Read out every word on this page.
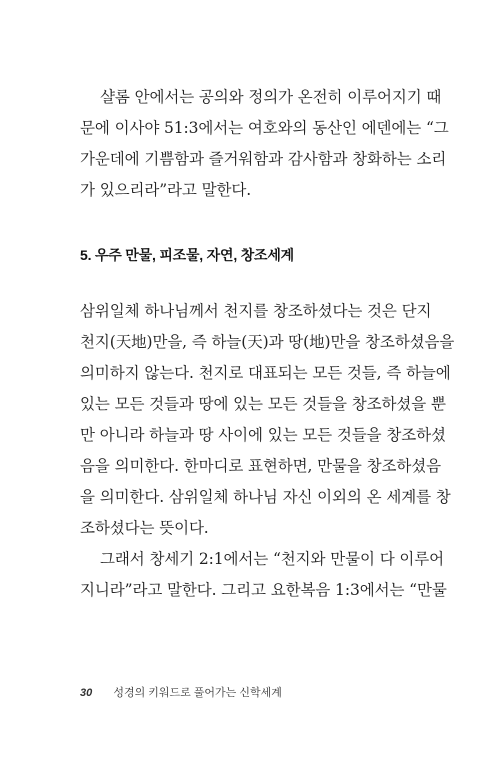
샬롬 안에서는 공의와 정의가 온전히 이루어지기 때
문에 이사야 51:3에서는 여호와의 동산인 에덴에는 “그
가운데에 기쁨함과 즐거워함과 감사함과 창화하는 소리
가 있으리라”라고 말한다.
5. 우주 만물, 피조물, 자연, 창조세계
삼위일체 하나님께서 천지를 창조하셨다는 것은 단지
천지(天地)만을, 즉 하늘(天)과 땅(地)만을 창조하셨음을
의미하지 않는다. 천지로 대표되는 모든 것들, 즉 하늘에
있는 모든 것들과 땅에 있는 모든 것들을 창조하셨을 뿐
만 아니라 하늘과 땅 사이에 있는 모든 것들을 창조하셨
음을 의미한다. 한마디로 표현하면, 만물을 창조하셨음
을 의미한다. 삼위일체 하나님 자신 이외의 온 세계를 창
조하셨다는 뜻이다.
그래서 창세기 2:1에서는 “천지와 만물이 다 이루어
지니라”라고 말한다. 그리고 요한복음 1:3에서는 “만물
30 성경의 키워드로 풀어가는 신학세계
